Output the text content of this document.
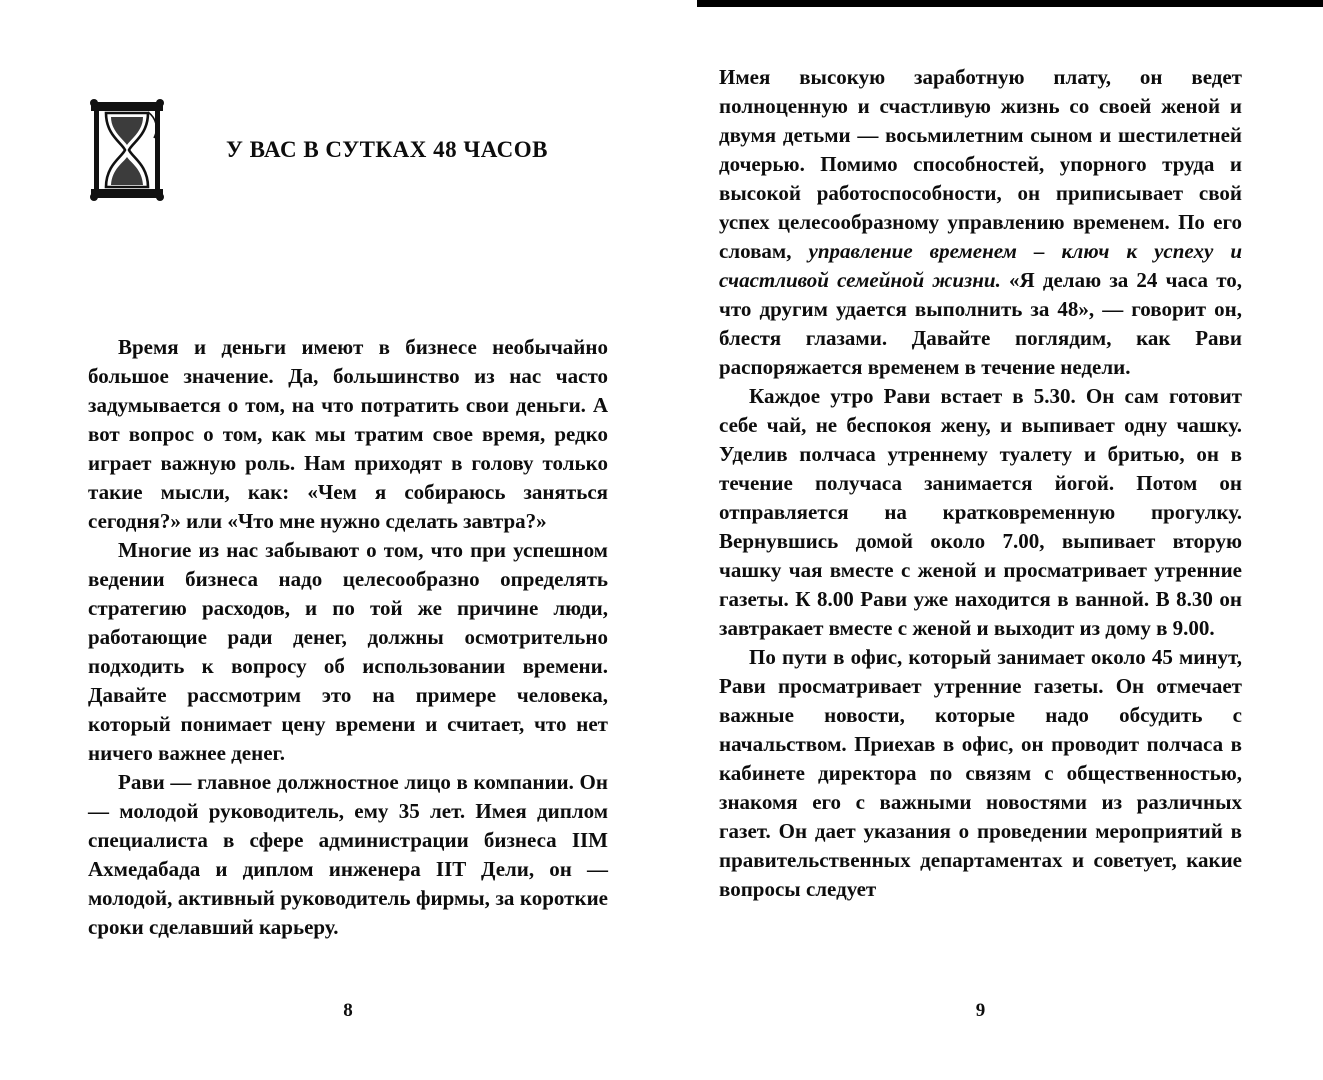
У ВАС В СУТКАХ 48 ЧАСОВ

Время и деньги имеют в бизнесе необычайно большое значение. Да, большинство из нас часто задумывается о том, на что потратить свои деньги. А вот вопрос о том, как мы тратим свое время, редко играет важную роль. Нам приходят в голову только такие мысли, как: «Чем я собираюсь заняться сегодня?» или «Что мне нужно сделать завтра?»

Многие из нас забывают о том, что при успешном ведении бизнеса надо целесообразно определять стратегию расходов, и по той же причине люди, работающие ради денег, должны осмотрительно подходить к вопросу об использовании времени. Давайте рассмотрим это на примере человека, который понимает цену времени и считает, что нет ничего важнее денег.

Рави — главное должностное лицо в компании. Он — молодой руководитель, ему 35 лет. Имея диплом специалиста в сфере администрации бизнеса IIM Ахмедабада и диплом инженера IIT Дели, он — молодой, активный руководитель фирмы, за короткие сроки сделавший карьеру.

8

Имея высокую заработную плату, он ведет полноценную и счастливую жизнь со своей женой и двумя детьми — восьмилетним сыном и шестилетней дочерью. Помимо способностей, упорного труда и высокой работоспособности, он приписывает свой успех целесообразному управлению временем. По его словам, управление временем – ключ к успеху и счастливой семейной жизни. «Я делаю за 24 часа то, что другим удается выполнить за 48», — говорит он, блестя глазами. Давайте поглядим, как Рави распоряжается временем в течение недели.

Каждое утро Рави встает в 5.30. Он сам готовит себе чай, не беспокоя жену, и выпивает одну чашку. Уделив полчаса утреннему туалету и бритью, он в течение получаса занимается йогой. Потом он отправляется на кратковременную прогулку. Вернувшись домой около 7.00, выпивает вторую чашку чая вместе с женой и просматривает утренние газеты. К 8.00 Рави уже находится в ванной. В 8.30 он завтракает вместе с женой и выходит из дому в 9.00.

По пути в офис, который занимает около 45 минут, Рави просматривает утренние газеты. Он отмечает важные новости, которые надо обсудить с начальством. Приехав в офис, он проводит полчаса в кабинете директора по связям с общественностью, знакомя его с важными новостями из различных газет. Он дает указания о проведении мероприятий в правительственных департаментах и советует, какие вопросы следует

9
